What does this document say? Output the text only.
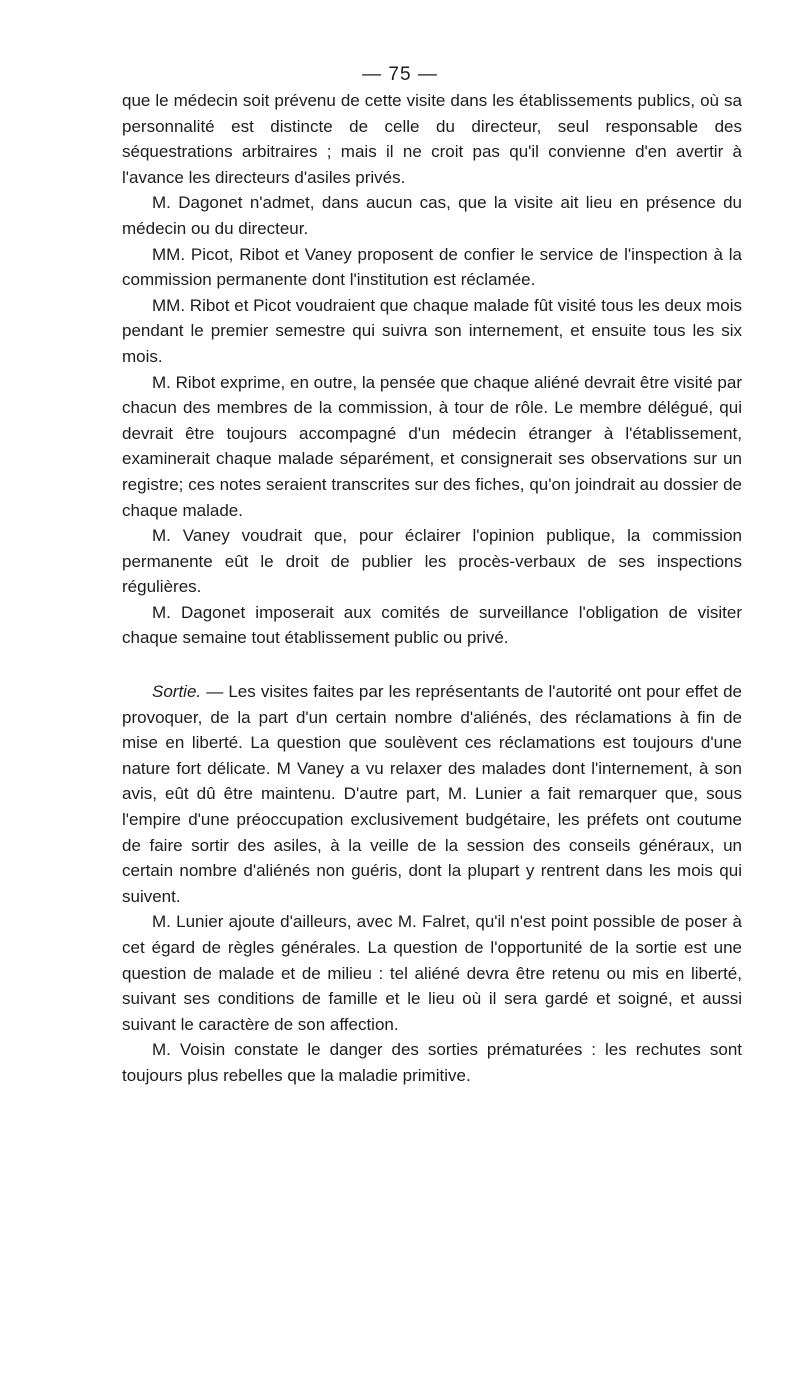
— 75 —

que le médecin soit prévenu de cette visite dans les établissements publics, où sa personnalité est distincte de celle du directeur, seul responsable des séquestrations arbitraires ; mais il ne croit pas qu'il convienne d'en avertir à l'avance les directeurs d'asiles privés.

M. Dagonet n'admet, dans aucun cas, que la visite ait lieu en présence du médecin ou du directeur.

MM. Picot, Ribot et Vaney proposent de confier le service de l'inspection à la commission permanente dont l'institution est réclamée.

MM. Ribot et Picot voudraient que chaque malade fût visité tous les deux mois pendant le premier semestre qui suivra son internement, et ensuite tous les six mois.

M. Ribot exprime, en outre, la pensée que chaque aliéné devrait être visité par chacun des membres de la commission, à tour de rôle. Le membre délégué, qui devrait être toujours accompagné d'un médecin étranger à l'établissement, examinerait chaque malade séparément, et consignerait ses observations sur un registre; ces notes seraient transcrites sur des fiches, qu'on joindrait au dossier de chaque malade.

M. Vaney voudrait que, pour éclairer l'opinion publique, la commission permanente eût le droit de publier les procès-verbaux de ses inspections régulières.

M. Dagonet imposerait aux comités de surveillance l'obligation de visiter chaque semaine tout établissement public ou privé.

Sortie. — Les visites faites par les représentants de l'autorité ont pour effet de provoquer, de la part d'un certain nombre d'aliénés, des réclamations à fin de mise en liberté. La question que soulèvent ces réclamations est toujours d'une nature fort délicate. M Vaney a vu relaxer des malades dont l'internement, à son avis, eût dû être maintenu. D'autre part, M. Lunier a fait remarquer que, sous l'empire d'une préoccupation exclusivement budgétaire, les préfets ont coutume de faire sortir des asiles, à la veille de la session des conseils généraux, un certain nombre d'aliénés non guéris, dont la plupart y rentrent dans les mois qui suivent.

M. Lunier ajoute d'ailleurs, avec M. Falret, qu'il n'est point possible de poser à cet égard de règles générales. La question de l'opportunité de la sortie est une question de malade et de milieu : tel aliéné devra être retenu ou mis en liberté, suivant ses conditions de famille et le lieu où il sera gardé et soigné, et aussi suivant le caractère de son affection.

M. Voisin constate le danger des sorties prématurées : les rechutes sont toujours plus rebelles que la maladie primitive.
